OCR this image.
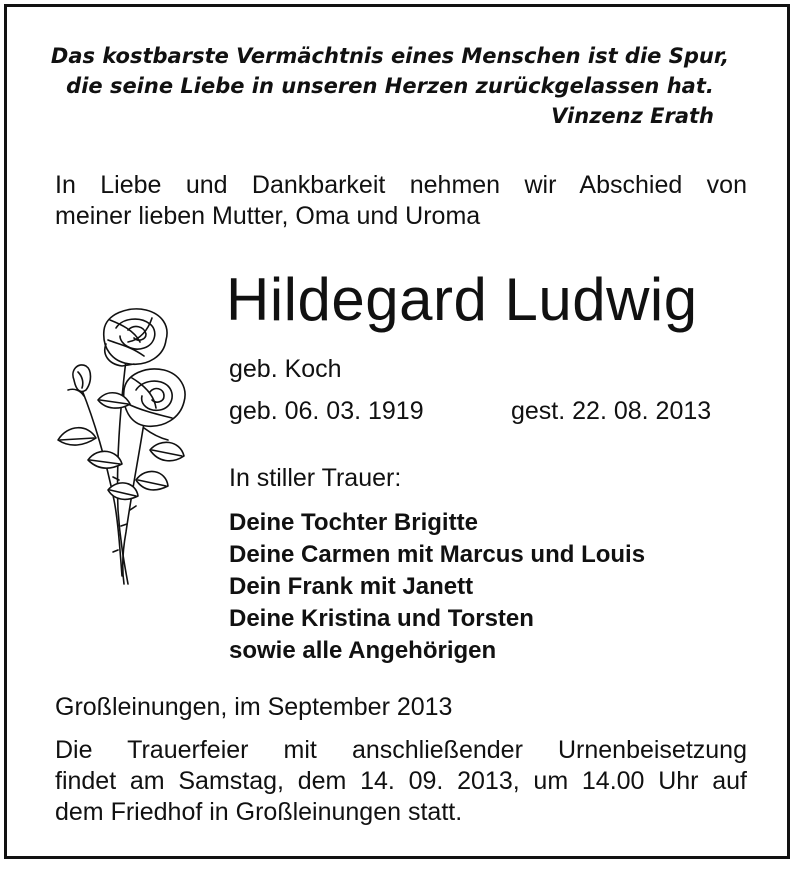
Das kostbarste Vermächtnis eines Menschen ist die Spur,
die seine Liebe in unseren Herzen zurückgelassen hat.
Vinzenz Erath
In Liebe und Dankbarkeit nehmen wir Abschied von
meiner lieben Mutter, Oma und Uroma
Hildegard Ludwig
geb. Koch
geb. 06. 03. 1919	gest. 22. 08. 2013
In stiller Trauer:
Deine Tochter Brigitte
Deine Carmen mit Marcus und Louis
Dein Frank mit Janett
Deine Kristina und Torsten
sowie alle Angehörigen
Großleinungen, im September 2013
Die Trauerfeier mit anschließender Urnenbeisetzung
findet am Samstag, dem 14. 09. 2013, um 14.00 Uhr auf
dem Friedhof in Großleinungen statt.
